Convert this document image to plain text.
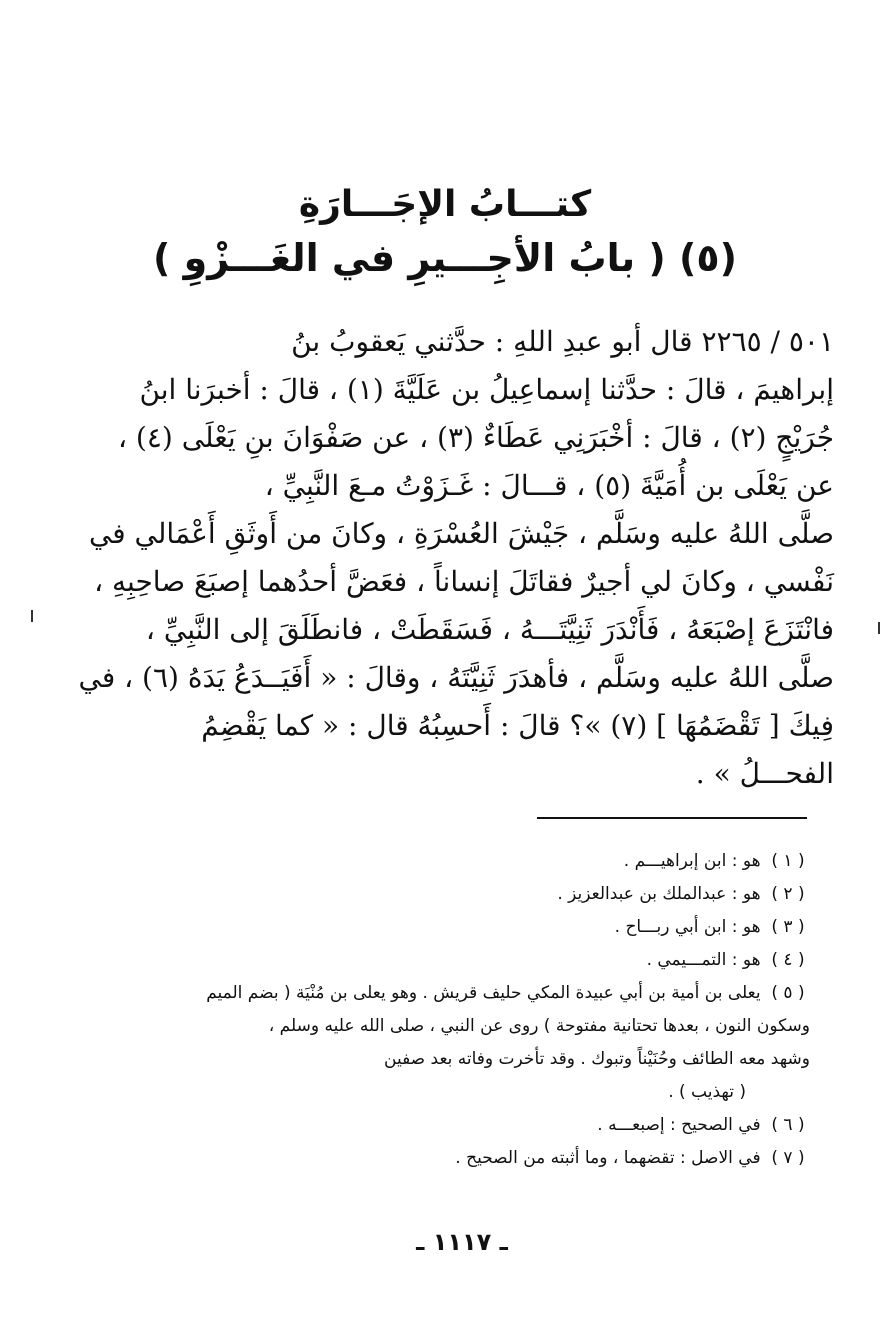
كتـــابُ الإجَـــارَةِ
(٥) ( بابُ الأجِـــيرِ في الغَـــزْوِ )
٥٠١ / ٢٢٦٥ قال أبو عبدِ اللهِ : حدَّثني يَعقوبُ بنُ
إبراهيمَ ، قالَ : حدَّثنا إسماعِيلُ بن عَلَيَّةَ (١) ، قالَ : أخبرَنا ابنُ
جُرَيْجٍ (٢) ، قالَ : أخْبَرَنِي عَطَاءٌ (٣) ، عن صَفْوَانَ بنِ يَعْلَى (٤) ،
عن يَعْلَى بن أُمَيَّةَ (٥) ، قـــالَ : غَـزَوْتُ مـعَ النَّبِيِّ ،
صلَّى اللهُ عليه وسَلَّم ، جَيْشَ العُسْرَةِ ، وكانَ من أَوثَقِ أَعْمَالي في
نَفْسي ، وكانَ لي أجيرٌ فقاتَلَ إنساناً ، فعَضَّ أحدُهما إصبَعَ صاحِبِهِ ،
فانْتَزَعَ إصْبَعَهُ ، فَأَنْدَرَ ثَنِيَّتَـــهُ ، فَسَقَطَتْ ، فانطَلَقَ إلى النَّبِيِّ ،
صلَّى اللهُ عليه وسَلَّم ، فأهدَرَ ثَنِيَّتَهُ ، وقالَ : « أَفَيَــدَعُ يَدَهُ (٦) ، في
فِيكَ [ تَقْضَمُهَا ] (٧) »؟ قالَ : أَحسِبُهُ قال : « كما يَقْضِمُ
الفحـــلُ » .
( ١ ) هو : ابن إبراهيـــم .
( ٢ ) هو : عبدالملك بن عبدالعزيز .
( ٣ ) هو : ابن أبي ربـــاح .
( ٤ ) هو : التمـــيمي .
( ٥ ) يعلى بن أمية بن أبي عبيدة المكي حليف قريش . وهو يعلى بن مُنْيَة ( بضم الميم
وسكون النون ، بعدها تحتانية مفتوحة ) روى عن النبي ، صلى الله عليه وسلم ،
وشهد معه الطائف وحُنَيْناً وتبوك . وقد تأخرت وفاته بعد صفين
( تهذيب ) .
( ٦ ) في الصحيح : إصبعـــه .
( ٧ ) في الاصل : تقضهما ، وما أثبته من الصحيح .
ـ ١١١٧ ـ
